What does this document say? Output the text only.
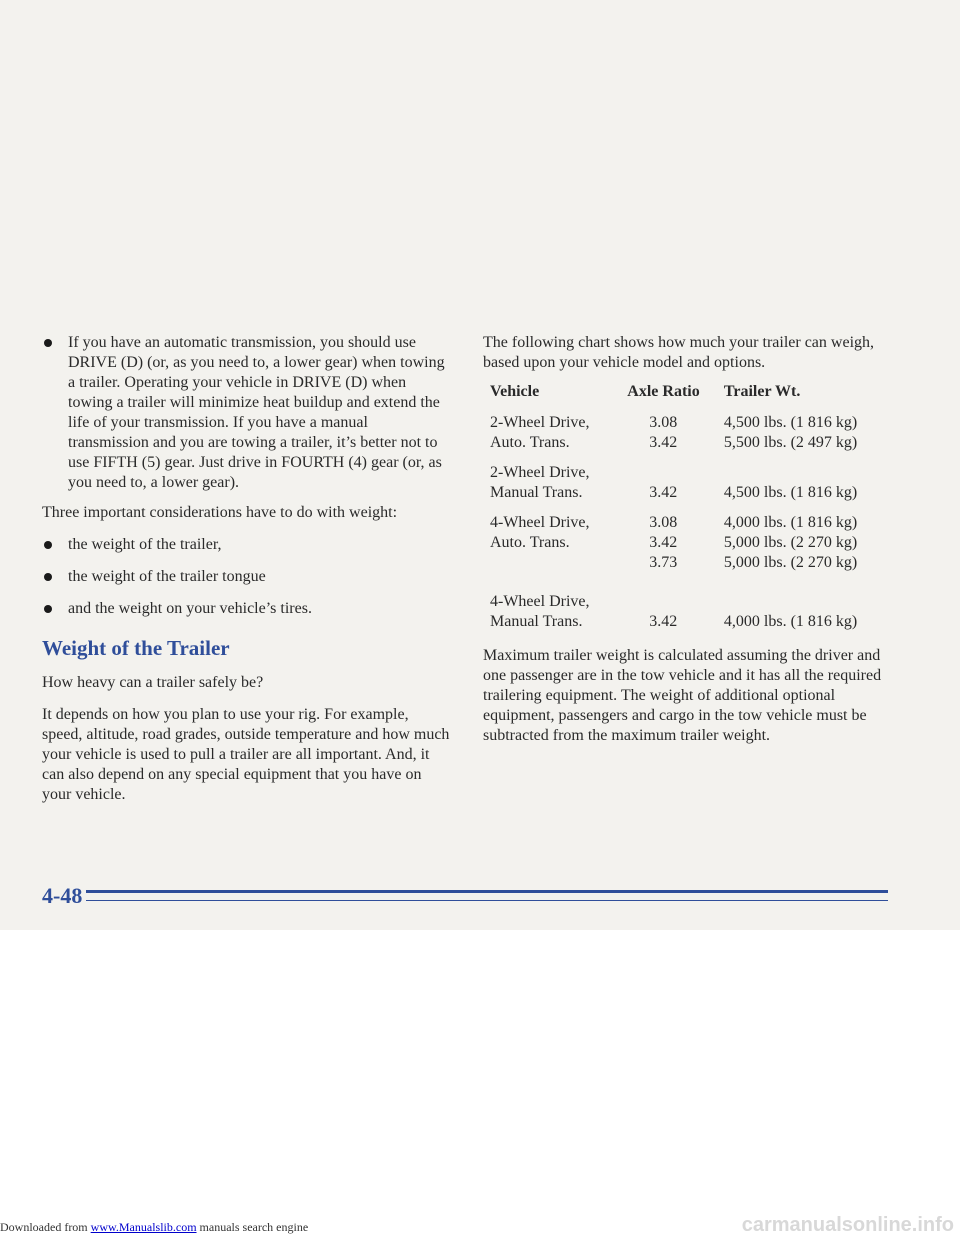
If you have an automatic transmission, you should use DRIVE (D) (or, as you need to, a lower gear) when towing a trailer. Operating your vehicle in DRIVE (D) when towing a trailer will minimize heat buildup and extend the life of your transmission. If you have a manual transmission and you are towing a trailer, it’s better not to use FIFTH (5) gear. Just drive in FOURTH (4) gear (or, as you need to, a lower gear).

Three important considerations have to do with weight:

the weight of the trailer,
the weight of the trailer tongue
and the weight on your vehicle’s tires.
Weight of the Trailer

How heavy can a trailer safely be?

It depends on how you plan to use your rig. For example, speed, altitude, road grades, outside temperature and how much your vehicle is used to pull a trailer are all important. And, it can also depend on any special equipment that you have on your vehicle.

The following chart shows how much your trailer can weigh, based upon your vehicle model and options.

Vehicle	Axle Ratio	Trailer Wt.
2-Wheel Drive,	3.08	4,500 lbs. (1 816 kg)
Auto. Trans.	3.42	5,500 lbs. (2 497 kg)

2-Wheel Drive,		
Manual Trans.	3.42	4,500 lbs. (1 816 kg)

4-Wheel Drive,	3.08	4,000 lbs. (1 816 kg)
Auto. Trans.	3.42	5,000 lbs. (2 270 kg)
	3.73	5,000 lbs. (2 270 kg)

4-Wheel Drive,		
Manual Trans.	3.42	4,000 lbs. (1 816 kg)

Maximum trailer weight is calculated assuming the driver and one passenger are in the tow vehicle and it has all the required trailering equipment. The weight of additional optional equipment, passengers and cargo in the tow vehicle must be subtracted from the maximum trailer weight.

4-48
Downloaded from www.Manualslib.com manuals search engine	carmanualsonline.info
